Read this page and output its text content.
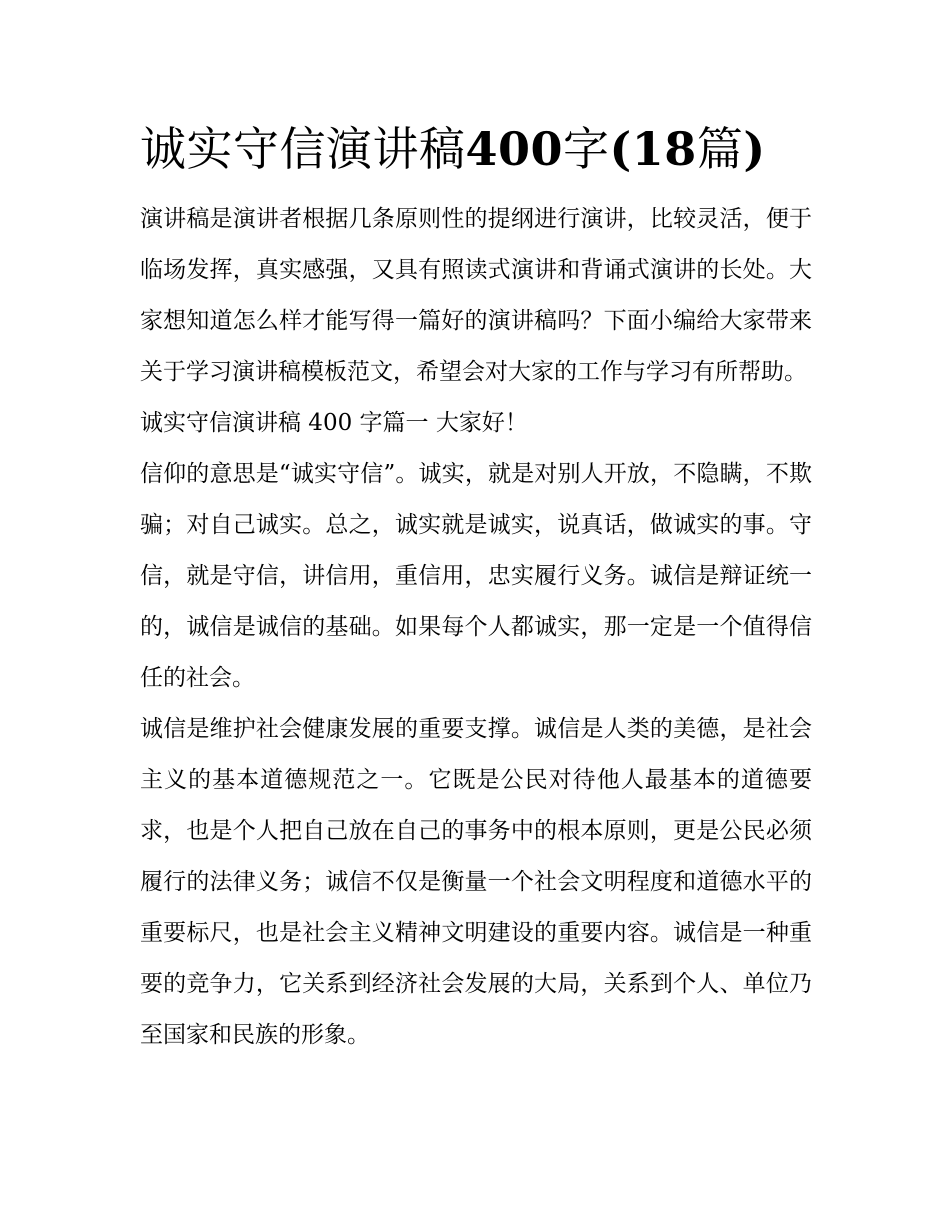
诚实守信演讲稿400字(18篇)

演讲稿是演讲者根据几条原则性的提纲进行演讲，比较灵活，便于临场发挥，真实感强，又具有照读式演讲和背诵式演讲的长处。大家想知道怎么样才能写得一篇好的演讲稿吗？下面小编给大家带来关于学习演讲稿模板范文，希望会对大家的工作与学习有所帮助。

诚实守信演讲稿 400 字篇一 大家好！

信仰的意思是“诚实守信”。诚实，就是对别人开放，不隐瞒，不欺骗；对自己诚实。总之，诚实就是诚实，说真话，做诚实的事。守信，就是守信，讲信用，重信用，忠实履行义务。诚信是辩证统一的，诚信是诚信的基础。如果每个人都诚实，那一定是一个值得信任的社会。

诚信是维护社会健康发展的重要支撑。诚信是人类的美德，是社会主义的基本道德规范之一。它既是公民对待他人最基本的道德要求，也是个人把自己放在自己的事务中的根本原则，更是公民必须履行的法律义务；诚信不仅是衡量一个社会文明程度和道德水平的重要标尺，也是社会主义精神文明建设的重要内容。诚信是一种重要的竞争力，它关系到经济社会发展的大局，关系到个人、单位乃至国家和民族的形象。
